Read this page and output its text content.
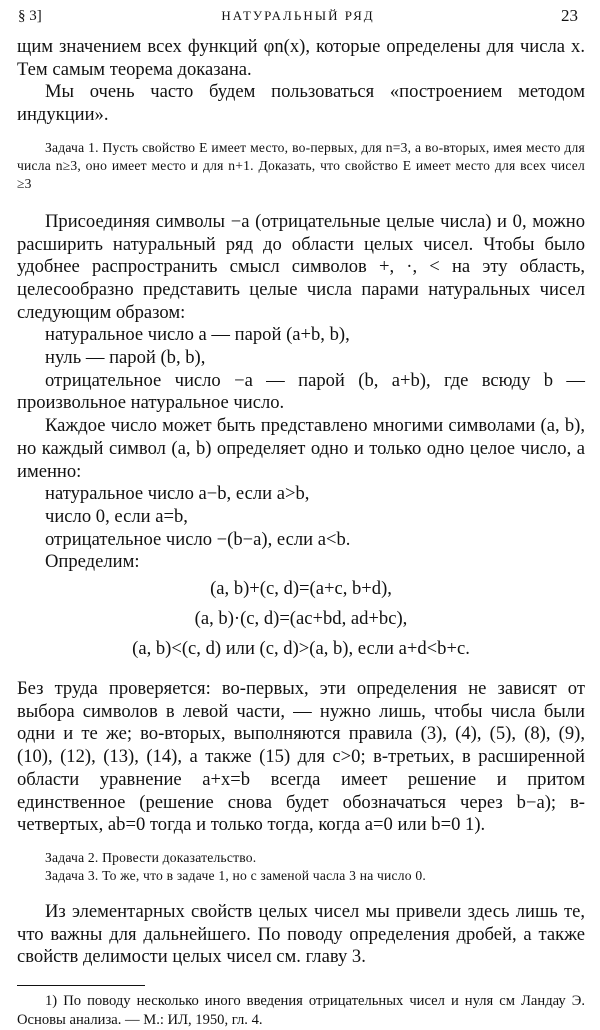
§ 3]	НАТУРАЛЬНЫЙ РЯД	23

щим значением всех функций φn(x), которые определены для числа x. Тем самым теорема доказана.

Мы очень часто будем пользоваться «построением методом индукции».

Задача 1. Пусть свойство E имеет место, во-первых, для n=3, а во-вторых, имея место для числа n≥3, оно имеет место и для n+1. Доказать, что свойство E имеет место для всех чисел ≥3

Присоединяя символы −a (отрицательные целые числа) и 0, можно расширить натуральный ряд до области целых чисел. Чтобы было удобнее распространить смысл символов +, ·, < на эту область, целесообразно представить целые числа парами натуральных чисел следующим образом:

натуральное число a — парой (a+b, b),

нуль — парой (b, b),

отрицательное число −a — парой (b, a+b), где всюду b — произвольное натуральное число.

Каждое число может быть представлено многими символами (a, b), но каждый символ (a, b) определяет одно и только одно целое число, а именно:

натуральное число a−b, если a>b,

число 0, если a=b,

отрицательное число −(b−a), если a<b.

Определим:

(a, b)+(c, d)=(a+c, b+d),

(a, b)·(c, d)=(ac+bd, ad+bc),

(a, b)<(c, d) или (c, d)>(a, b), если a+d<b+c.

Без труда проверяется: во-первых, эти определения не зависят от выбора символов в левой части, — нужно лишь, чтобы числа были одни и те же; во-вторых, выполняются правила (3), (4), (5), (8), (9), (10), (12), (13), (14), а также (15) для c>0; в-третьих, в расширенной области уравнение a+x=b всегда имеет решение и притом единственное (решение снова будет обозначаться через b−a); в-четвертых, ab=0 тогда и только тогда, когда a=0 или b=0 1).

Задача 2. Провести доказательство.

Задача 3. То же, что в задаче 1, но с заменой часла 3 на число 0.

Из элементарных свойств целых чисел мы привели здесь лишь те, что важны для дальнейшего. По поводу определения дробей, а также свойств делимости целых чисел см. главу 3.

1) По поводу несколько иного введения отрицательных чисел и нуля см Ландау Э. Основы анализа. — М.: ИЛ, 1950, гл. 4.
